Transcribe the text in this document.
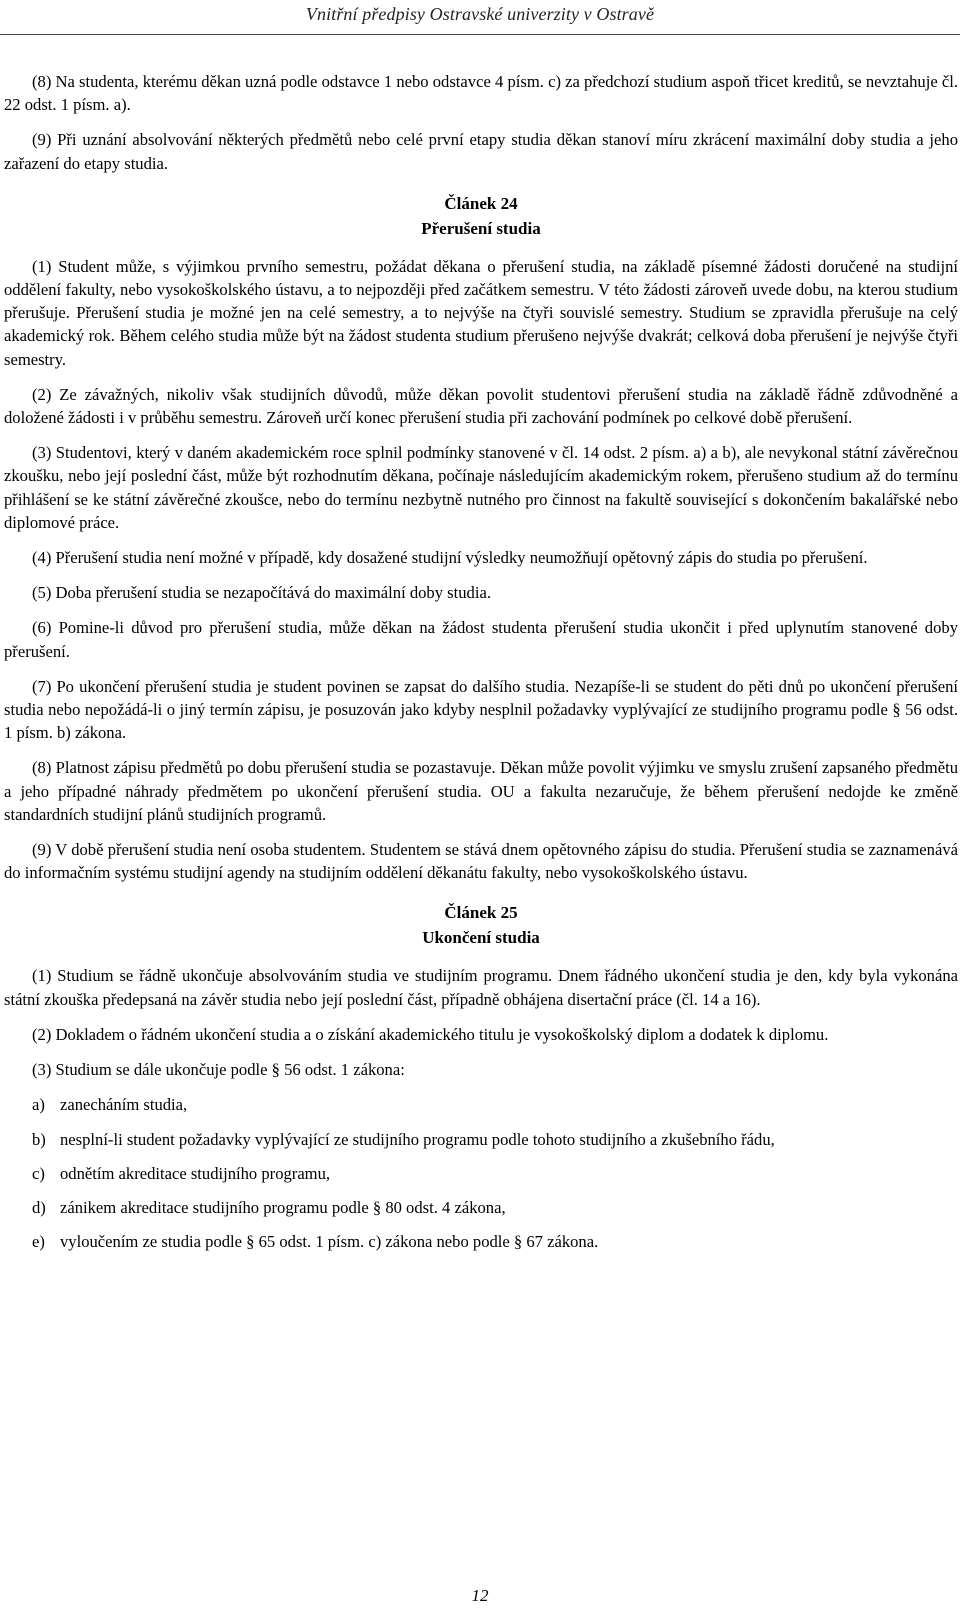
Vnitřní předpisy Ostravské univerzity v Ostravě

(8) Na studenta, kterému děkan uzná podle odstavce 1 nebo odstavce 4 písm. c) za předchozí studium aspoň třicet kreditů, se nevztahuje čl. 22 odst. 1 písm. a).

(9) Při uznání absolvování některých předmětů nebo celé první etapy studia děkan stanoví míru zkrácení maximální doby studia a jeho zařazení do etapy studia.

Článek 24
Přerušení studia

(1) Student může, s výjimkou prvního semestru, požádat děkana o přerušení studia, na základě písemné žádosti doručené na studijní oddělení fakulty, nebo vysokoškolského ústavu, a to nejpozději před začátkem semestru. V této žádosti zároveň uvede dobu, na kterou studium přerušuje. Přerušení studia je možné jen na celé semestry, a to nejvýše na čtyři souvislé semestry. Studium se zpravidla přerušuje na celý akademický rok. Během celého studia může být na žádost studenta studium přerušeno nejvýše dvakrát; celková doba přerušení je nejvýše čtyři semestry.

(2) Ze závažných, nikoliv však studijních důvodů, může děkan povolit studentovi přerušení studia na základě řádně zdůvodněné a doložené žádosti i v průběhu semestru. Zároveň určí konec přerušení studia při zachování podmínek po celkové době přerušení.

(3) Studentovi, který v daném akademickém roce splnil podmínky stanovené v čl. 14 odst. 2 písm. a) a b), ale nevykonal státní závěrečnou zkoušku, nebo její poslední část, může být rozhodnutím děkana, počínaje následujícím akademickým rokem, přerušeno studium až do termínu přihlášení se ke státní závěrečné zkoušce, nebo do termínu nezbytně nutného pro činnost na fakultě související s dokončením bakalářské nebo diplomové práce.

(4) Přerušení studia není možné v případě, kdy dosažené studijní výsledky neumožňují opětovný zápis do studia po přerušení.

(5) Doba přerušení studia se nezapočítává do maximální doby studia.

(6) Pomine-li důvod pro přerušení studia, může děkan na žádost studenta přerušení studia ukončit i před uplynutím stanovené doby přerušení.

(7) Po ukončení přerušení studia je student povinen se zapsat do dalšího studia. Nezapíše-li se student do pěti dnů po ukončení přerušení studia nebo nepožádá-li o jiný termín zápisu, je posuzován jako kdyby nesplnil požadavky vyplývající ze studijního programu podle § 56 odst. 1 písm. b) zákona.

(8) Platnost zápisu předmětů po dobu přerušení studia se pozastavuje. Děkan může povolit výjimku ve smyslu zrušení zapsaného předmětu a jeho případné náhrady předmětem po ukončení přerušení studia. OU a fakulta nezaručuje, že během přerušení nedojde ke změně standardních studijní plánů studijních programů.

(9) V době přerušení studia není osoba studentem. Studentem se stává dnem opětovného zápisu do studia. Přerušení studia se zaznamenává do informačním systému studijní agendy na studijním oddělení děkanátu fakulty, nebo vysokoškolského ústavu.

Článek 25
Ukončení studia

(1) Studium se řádně ukončuje absolvováním studia ve studijním programu. Dnem řádného ukončení studia je den, kdy byla vykonána státní zkouška předepsaná na závěr studia nebo její poslední část, případně obhájena disertační práce (čl. 14 a 16).

(2) Dokladem o řádném ukončení studia a o získání akademického titulu je vysokoškolský diplom a dodatek k diplomu.

(3) Studium se dále ukončuje podle § 56 odst. 1 zákona:

a) zanecháním studia,
b) nesplní-li student požadavky vyplývající ze studijního programu podle tohoto studijního a zkušebního řádu,
c) odnětím akreditace studijního programu,
d) zánikem akreditace studijního programu podle § 80 odst. 4 zákona,
e) vyloučením ze studia podle § 65 odst. 1 písm. c) zákona nebo podle § 67 zákona.
12
